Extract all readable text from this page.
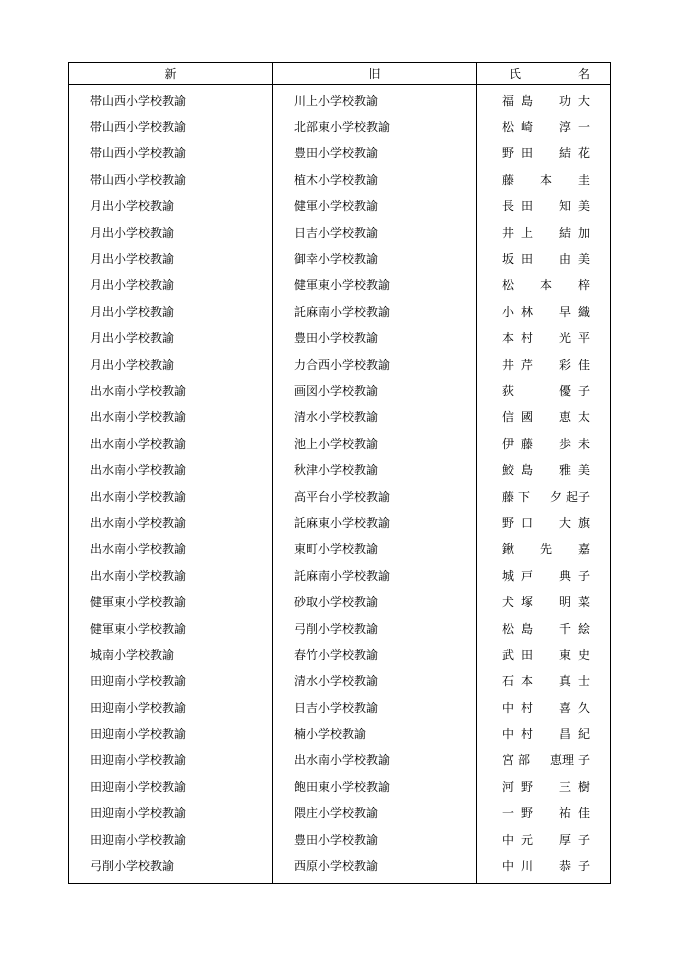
新	旧	氏 名

帯山西小学校教諭	川上小学校教諭	福 島 功 大

帯山西小学校教諭	北部東小学校教諭	松 崎 淳 一

帯山西小学校教諭	豊田小学校教諭	野 田 結 花

帯山西小学校教諭	植木小学校教諭	藤 本 圭

月出小学校教諭	健軍小学校教諭	長 田 知 美

月出小学校教諭	日吉小学校教諭	井 上 結 加

月出小学校教諭	御幸小学校教諭	坂 田 由 美

月出小学校教諭	健軍東小学校教諭	松 本 梓

月出小学校教諭	託麻南小学校教諭	小 林 早 織

月出小学校教諭	豊田小学校教諭	本 村 光 平

月出小学校教諭	力合西小学校教諭	井 芹 彩 佳

出水南小学校教諭	画図小学校教諭	荻 優 子

出水南小学校教諭	清水小学校教諭	信 國 恵 太

出水南小学校教諭	池上小学校教諭	伊 藤 歩 未

出水南小学校教諭	秋津小学校教諭	鮫 島 雅 美

出水南小学校教諭	高平台小学校教諭	藤 下 夕 起子

出水南小学校教諭	託麻東小学校教諭	野 口 大 旗

出水南小学校教諭	東町小学校教諭	鍬 先 嘉

出水南小学校教諭	託麻南小学校教諭	城 戸 典 子

健軍東小学校教諭	砂取小学校教諭	犬 塚 明 菜

健軍東小学校教諭	弓削小学校教諭	松 島 千 絵

城南小学校教諭	春竹小学校教諭	武 田 東 史

田迎南小学校教諭	清水小学校教諭	石 本 真 士

田迎南小学校教諭	日吉小学校教諭	中 村 喜 久

田迎南小学校教諭	楠小学校教諭	中 村 昌 紀

田迎南小学校教諭	出水南小学校教諭	宮 部 恵理 子

田迎南小学校教諭	飽田東小学校教諭	河 野 三 樹

田迎南小学校教諭	隈庄小学校教諭	一 野 祐 佳

田迎南小学校教諭	豊田小学校教諭	中 元 厚 子

弓削小学校教諭	西原小学校教諭	中 川 恭 子
